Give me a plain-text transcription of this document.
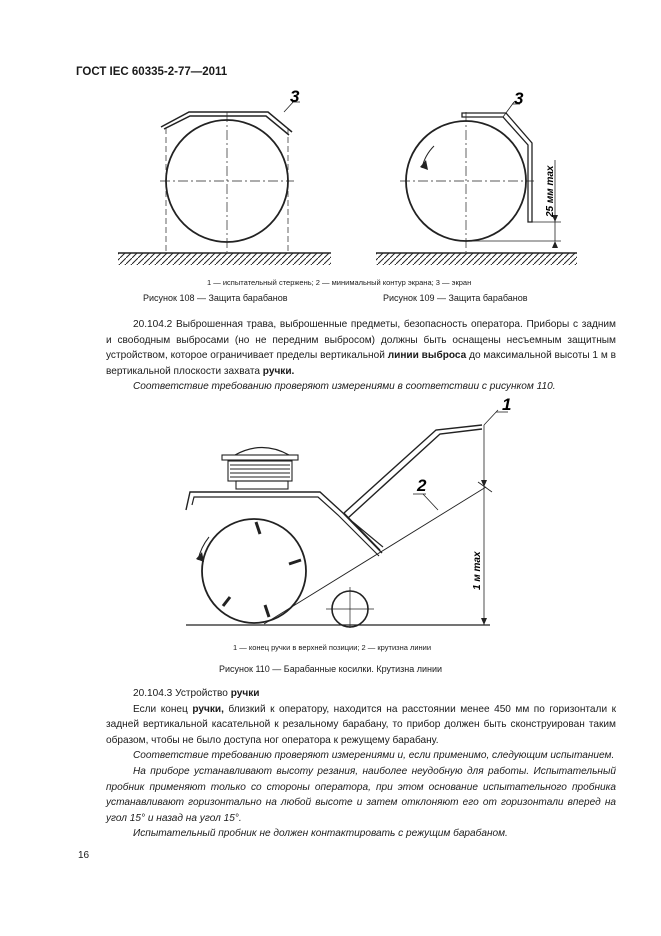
ГОСТ IEC 60335-2-77—2011
3	3
25 мм max
1 — испытательный стержень; 2 — минимальный контур экрана; 3 — экран
Рисунок 108 — Защита барабанов	Рисунок 109 — Защита барабанов

20.104.2 Выброшенная трава, выброшенные предметы, безопасность оператора. Приборы с задним и свободным выбросами (но не передним выбросом) должны быть оснащены несъемным защитным устройством, которое ограничивает пределы вертикальной линии выброса до максимальной высоты 1 м в вертикальной плоскости захвата ручки.

Соответствие требованию проверяют измерениями в соответствии с рисунком 110.

2
1
1 м max
1 — конец ручки в верхней позиции; 2 — крутизна линии
Рисунок 110 — Барабанные косилки. Крутизна линии

20.104.3 Устройство ручки

Если конец ручки, близкий к оператору, находится на расстоянии менее 450 мм по горизонтали к задней вертикальной касательной к резальному барабану, то прибор должен быть сконструирован таким образом, чтобы не было доступа ног оператора к режущему барабану.

Соответствие требованию проверяют измерениями и, если применимо, следующим испытанием.

На приборе устанавливают высоту резания, наиболее неудобную для работы. Испытательный пробник применяют только со стороны оператора, при этом основание испытательного пробника устанавливают горизонтально на любой высоте и затем отклоняют его от горизонтали вперед на угол 15° и назад на угол 15°.

Испытательный пробник не должен контактировать с режущим барабаном.

16
